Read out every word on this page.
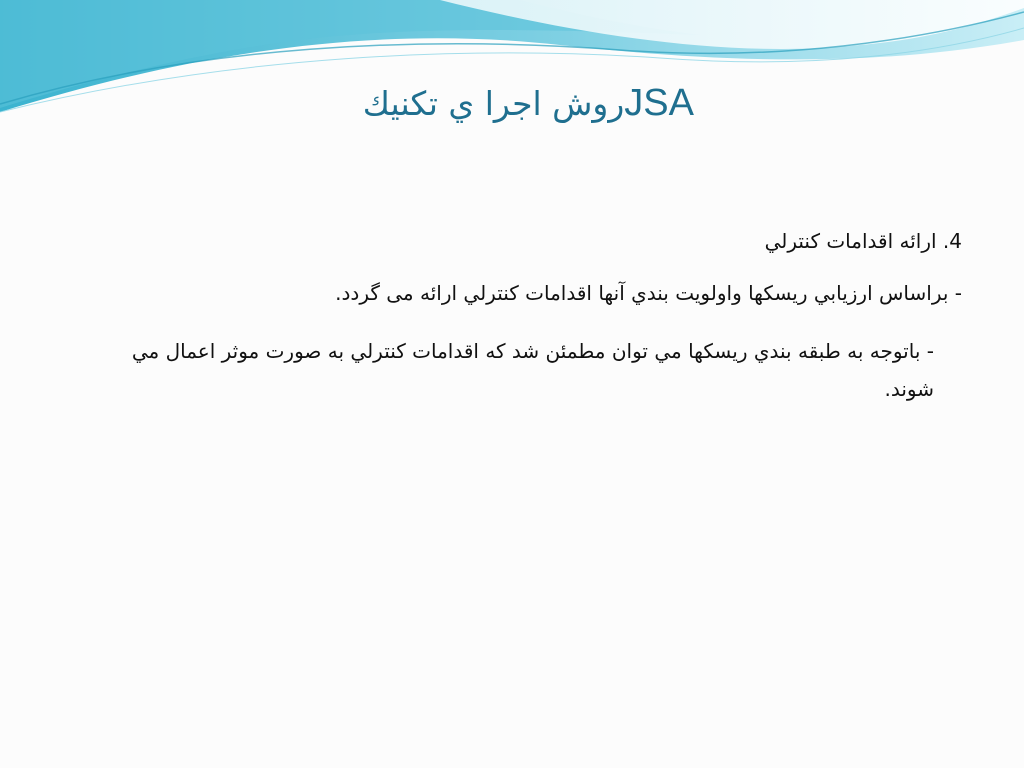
JSAروش اجرا ي تكنيك

4. ارائه اقدامات كنترلي

- براساس ارزيابي ريسكها واولويت بندي آنها اقدامات كنترلي ارائه می گردد.

- باتوجه به طبقه بندي ريسكها مي توان مطمئن شد كه اقدامات كنترلي به صورت موثر اعمال مي شوند.
